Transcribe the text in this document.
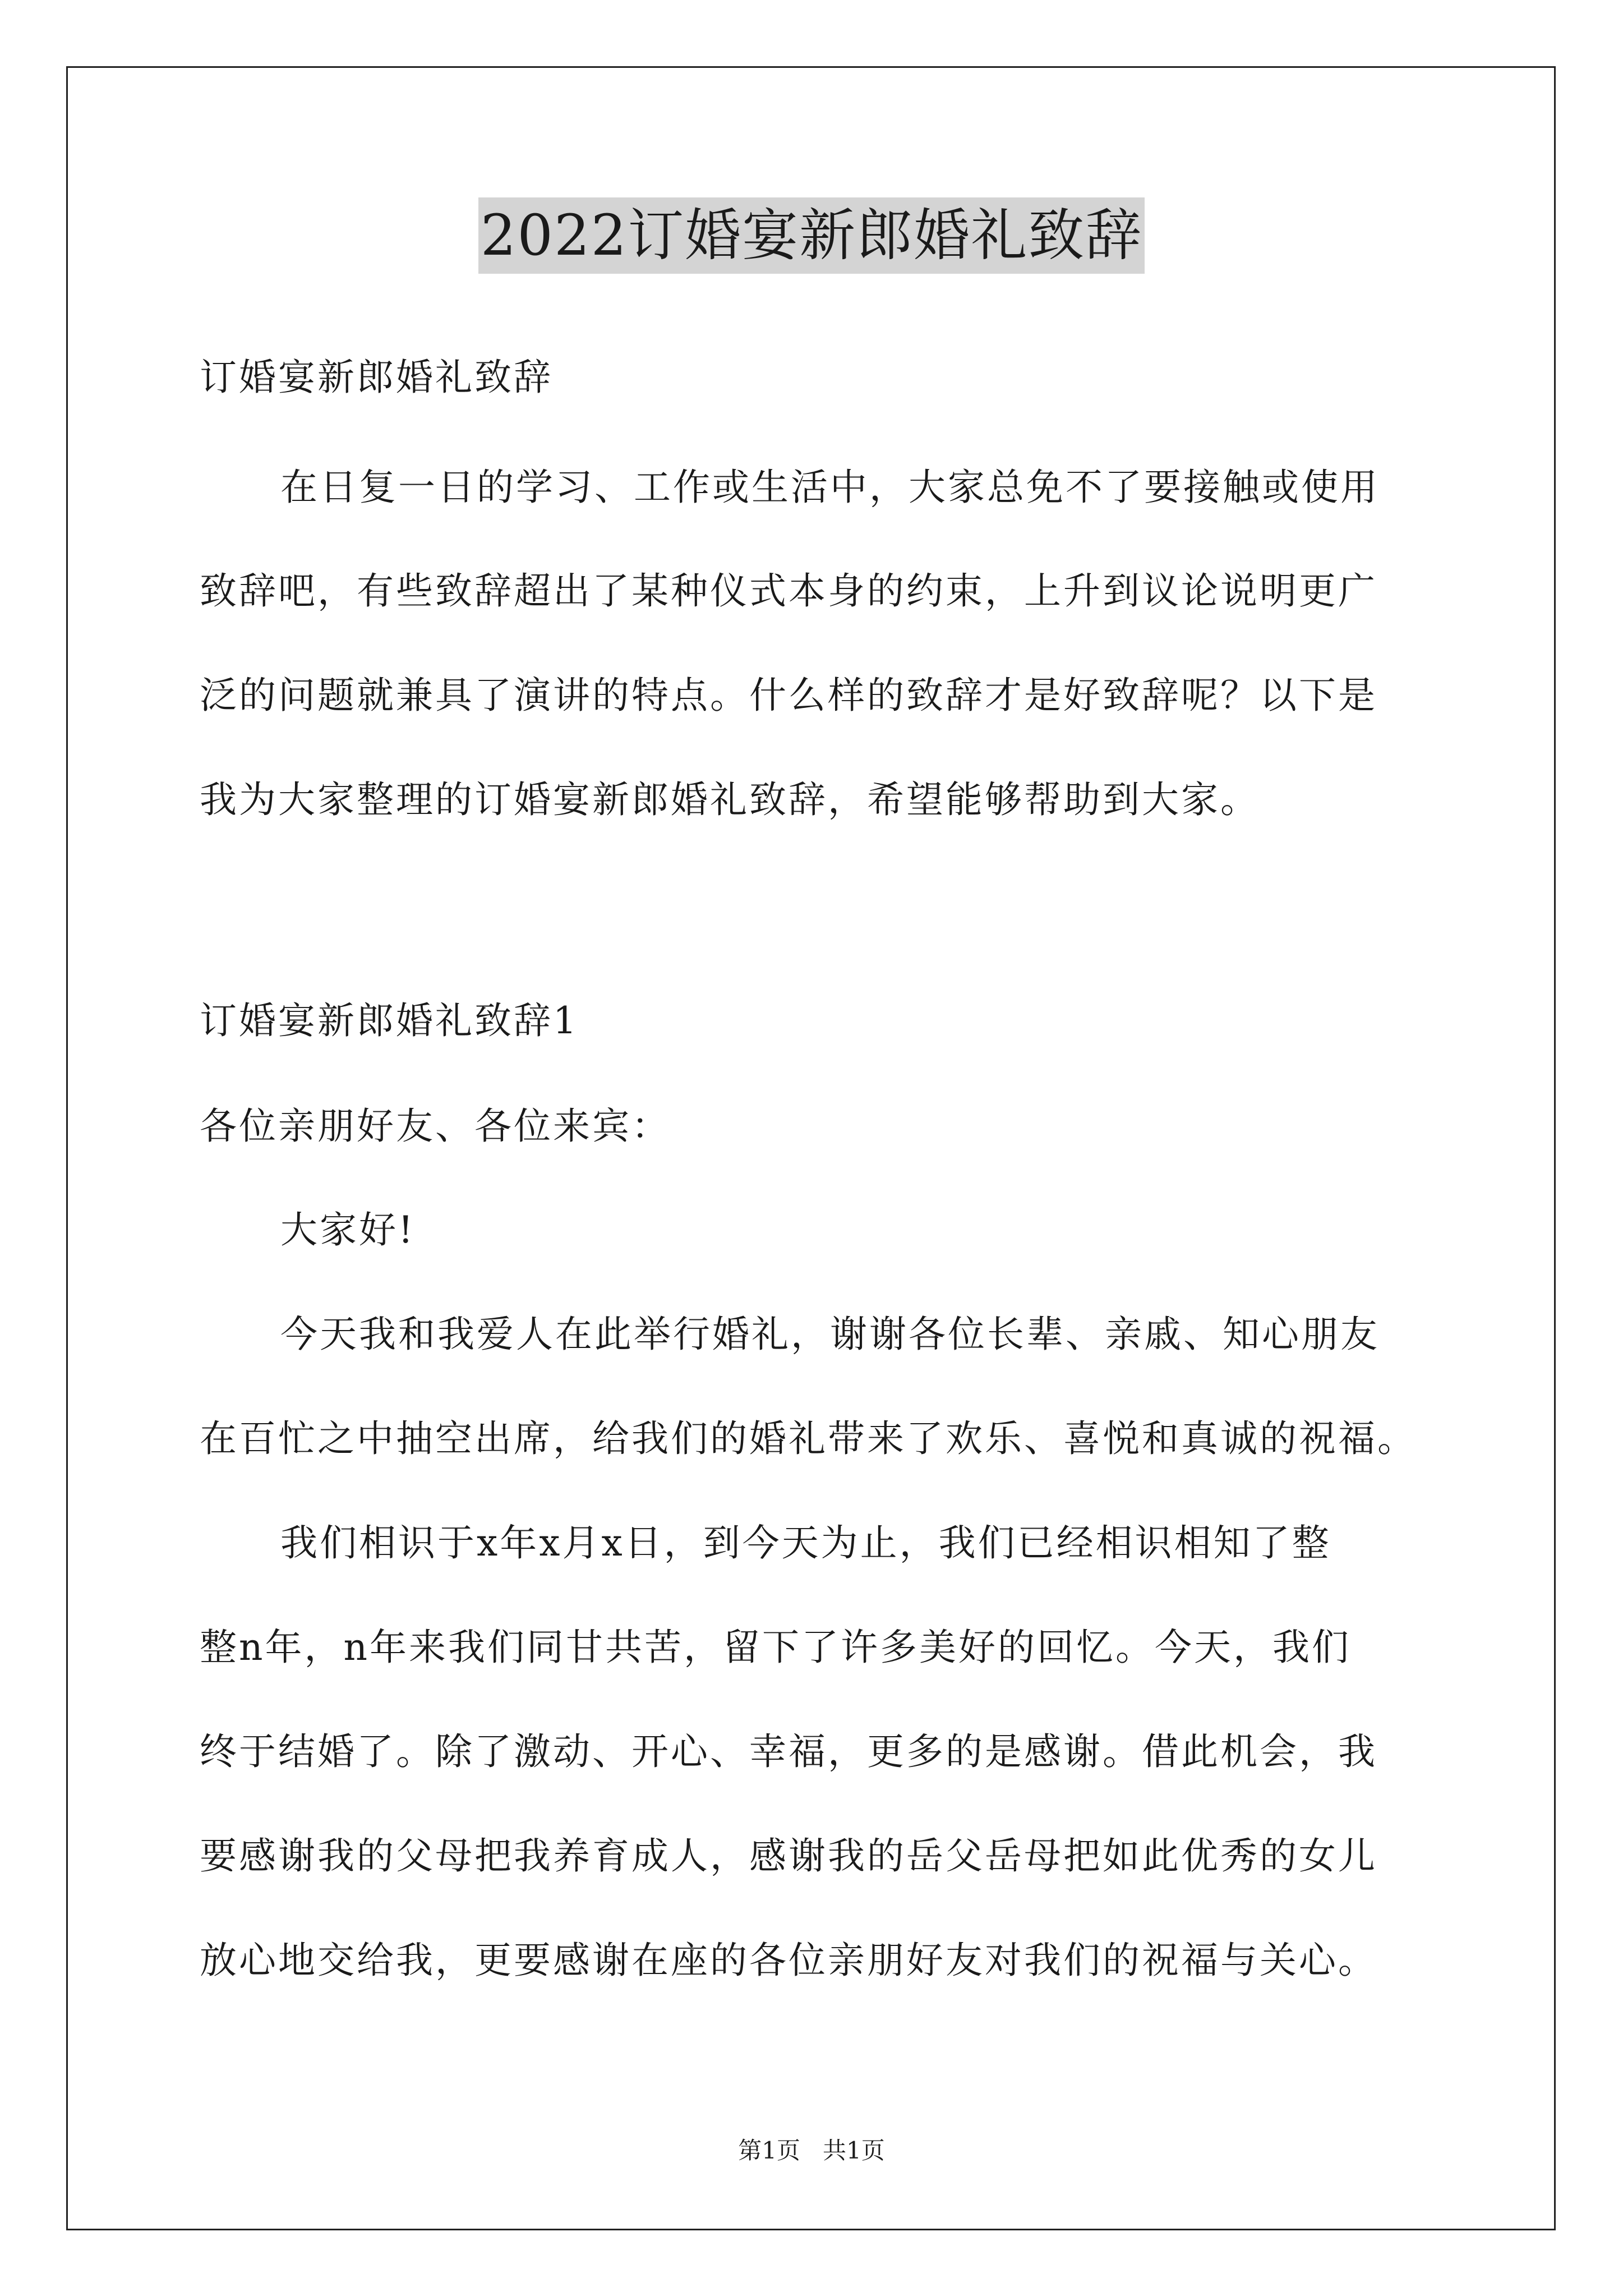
2022订婚宴新郎婚礼致辞
订婚宴新郎婚礼致辞
在日复一日的学习、工作或生活中，大家总免不了要接触或使用
致辞吧，有些致辞超出了某种仪式本身的约束，上升到议论说明更广
泛的问题就兼具了演讲的特点。什么样的致辞才是好致辞呢？以下是
我为大家整理的订婚宴新郎婚礼致辞，希望能够帮助到大家。
订婚宴新郎婚礼致辞1
各位亲朋好友、各位来宾：
大家好!
今天我和我爱人在此举行婚礼，谢谢各位长辈、亲戚、知心朋友
在百忙之中抽空出席，给我们的婚礼带来了欢乐、喜悦和真诚的祝福。
我们相识于x年x月x日，到今天为止，我们已经相识相知了整
整n年，n年来我们同甘共苦，留下了许多美好的回忆。今天，我们
终于结婚了。除了激动、开心、幸福，更多的是感谢。借此机会，我
要感谢我的父母把我养育成人，感谢我的岳父岳母把如此优秀的女儿
放心地交给我，更要感谢在座的各位亲朋好友对我们的祝福与关心。
第1页   共1页
